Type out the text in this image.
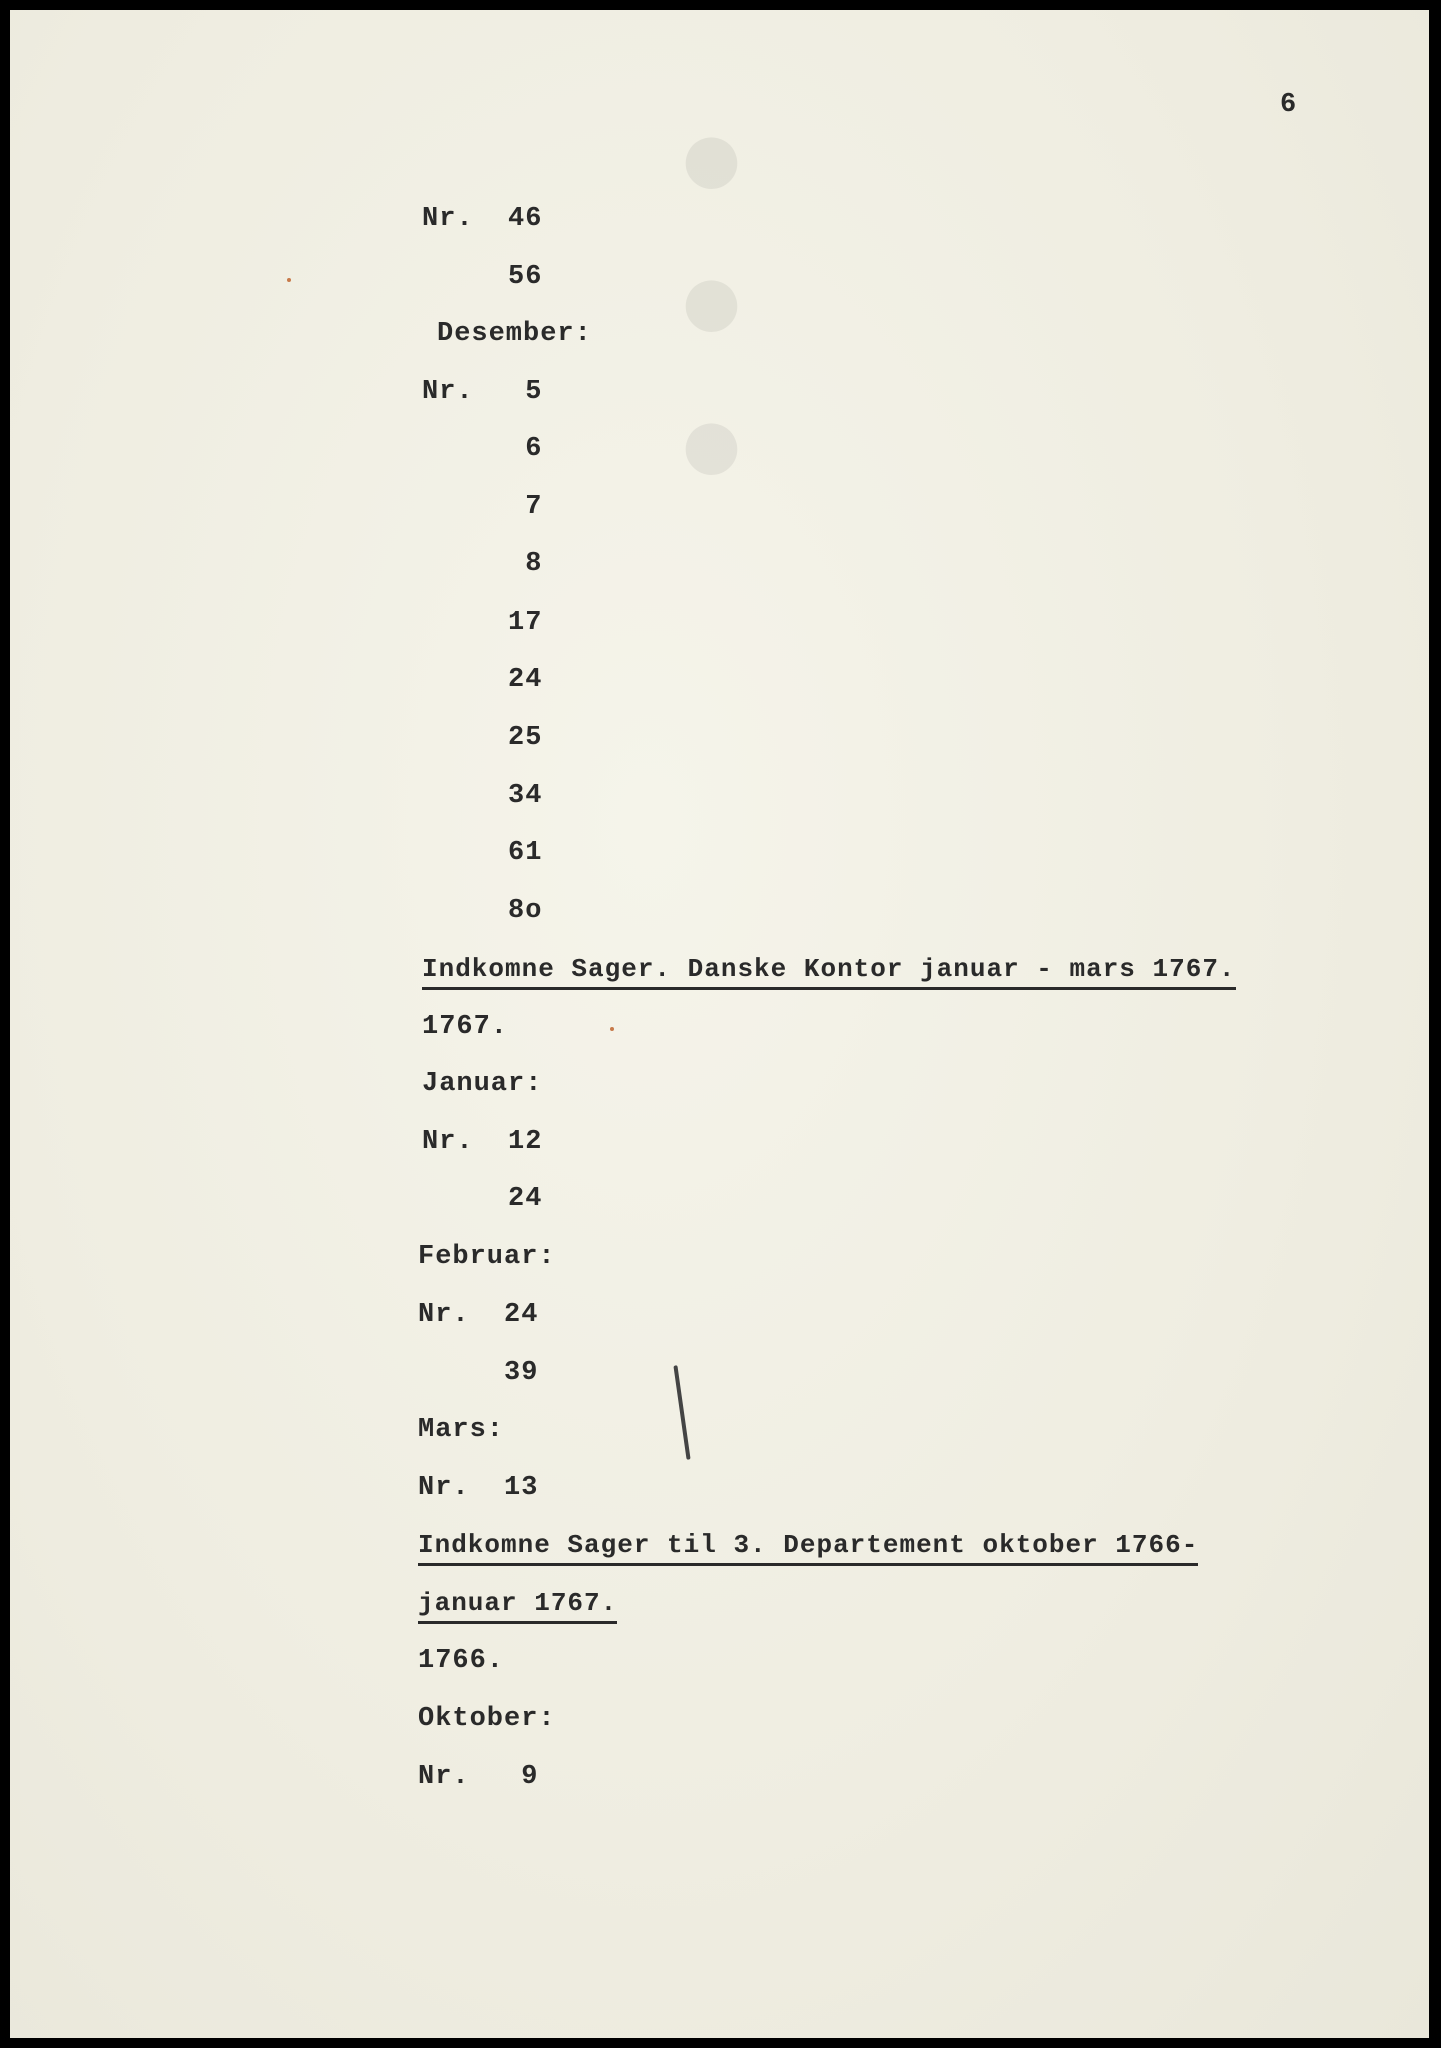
●●●	6
Nr.  46
56
Desember:
Nr.   5
6
7
8
17
24
25
34
61
8o
Indkomne Sager. Danske Kontor januar - mars 1767.
1767.
Januar:
Nr.  12
24
Februar:
Nr.  24
39
Mars:
Nr.  13
Indkomne Sager til 3. Departement oktober 1766-
januar 1767.
1766.
Oktober:
Nr.   9
